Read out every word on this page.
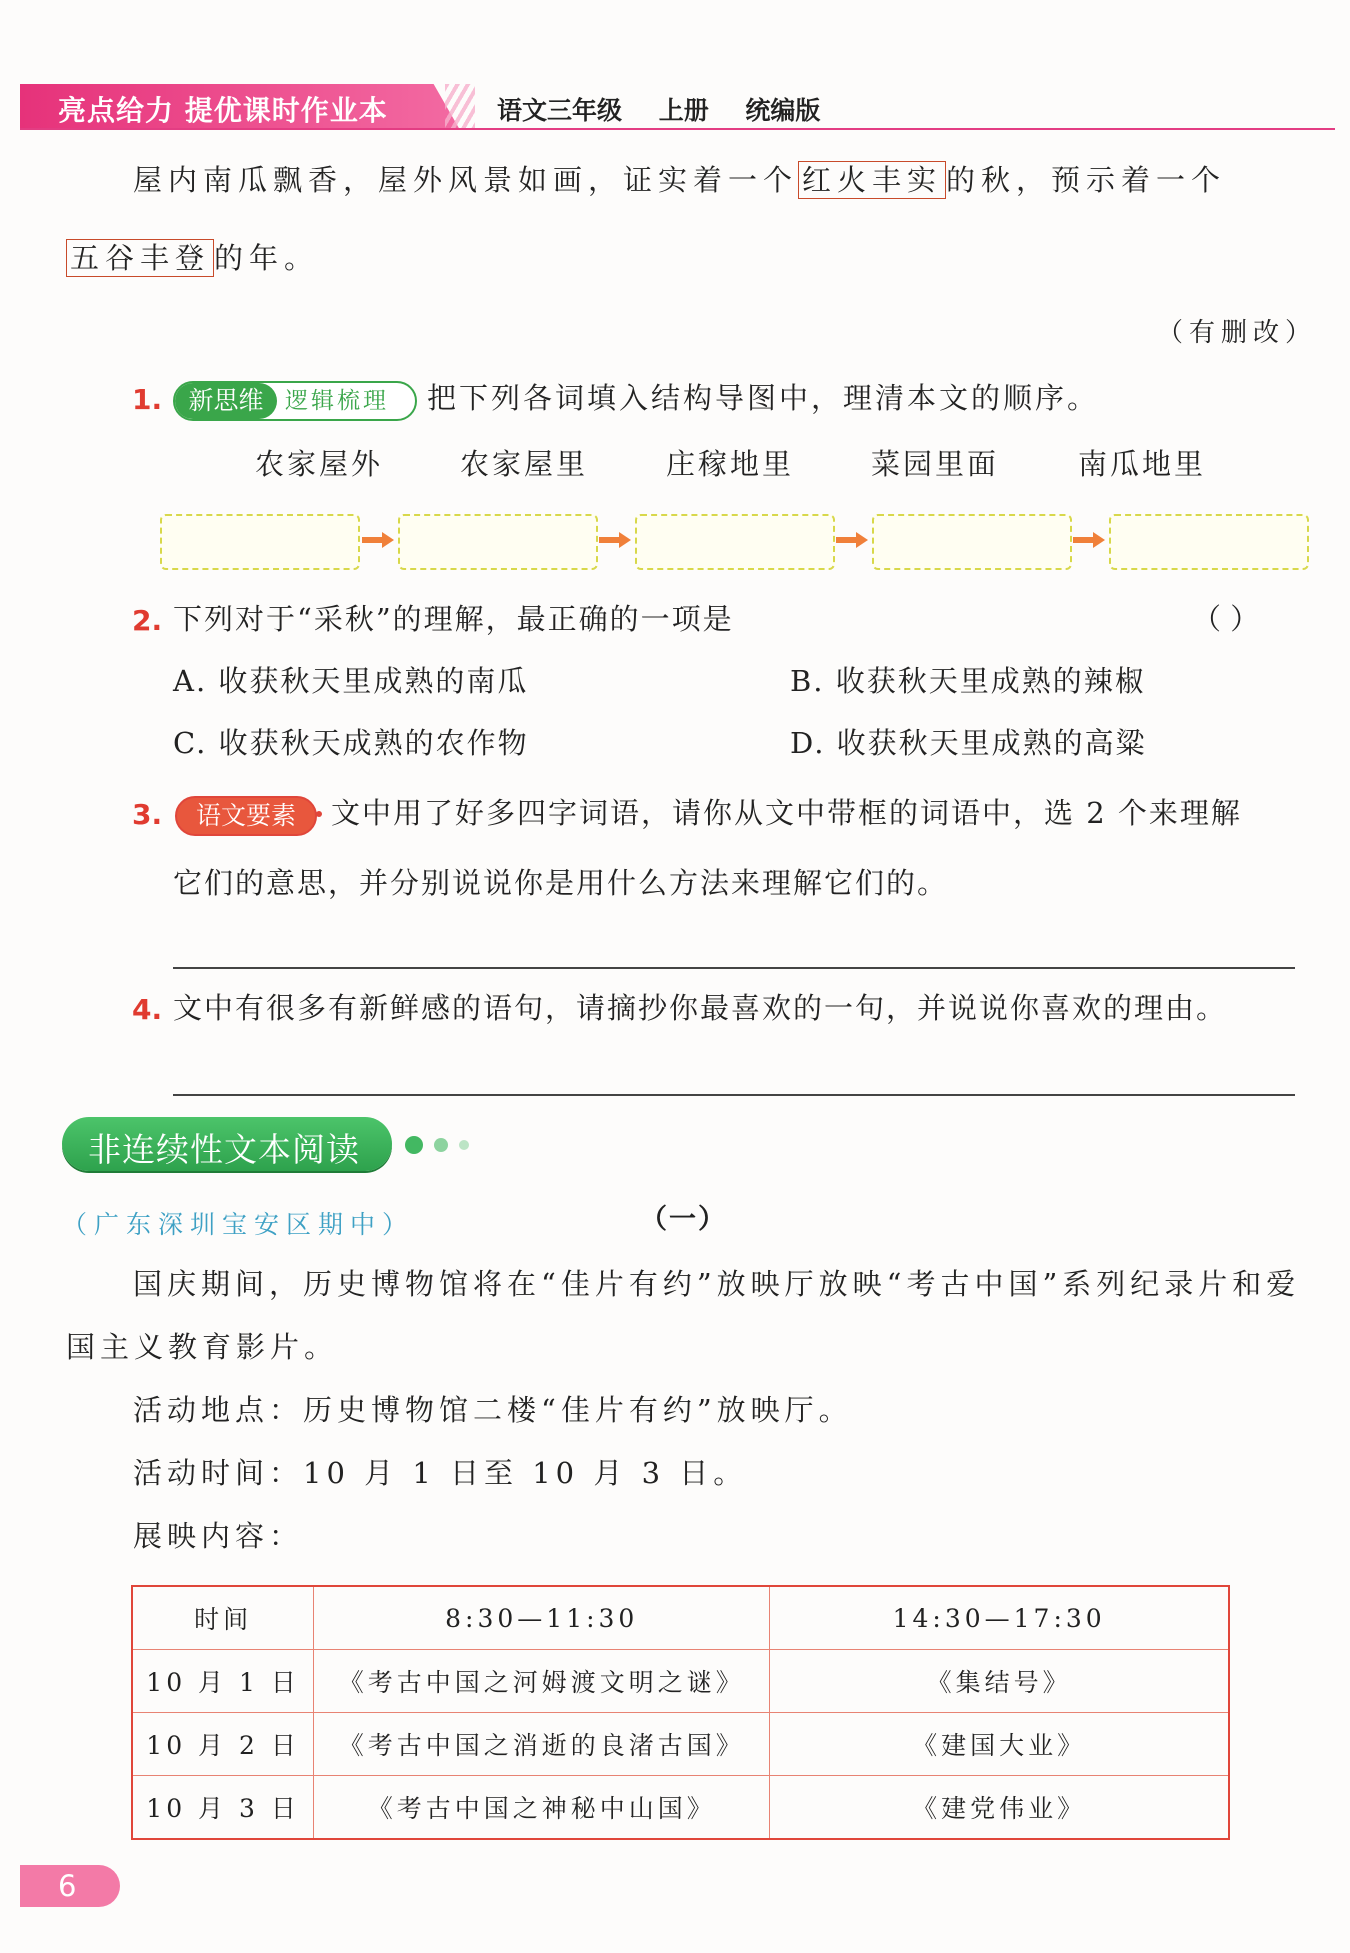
亮点给力 提优课时作业本	语文三年级 上册 统编版
屋内南瓜飘香，屋外风景如画，证实着一个 红火丰实 的秋，预示着一个
五谷丰登 的年。
（有删改）
1.	新思维 逻辑梳理 把下列各词填入结构导图中，理清本文的顺序。
农家屋外	农家屋里	庄稼地里	菜园里面	南瓜地里
2. 下列对于“采秋”的理解，最正确的一项是	（ ）
A. 收获秋天里成熟的南瓜	B. 收获秋天里成熟的辣椒
C. 收获秋天成熟的农作物	D. 收获秋天里成熟的高粱
3.	语文要素	文中用了好多四字词语，请你从文中带框的词语中，选 2 个来理解
它们的意思，并分别说说你是用什么方法来理解它们的。
4. 文中有很多有新鲜感的语句，请摘抄你最喜欢的一句，并说说你喜欢的理由。
非连续性文本阅读
（广东深圳宝安区期中）	（一）
国庆期间，历史博物馆将在“佳片有约”放映厅放映“考古中国”系列纪录片和爱
国主义教育影片。
活动地点：历史博物馆二楼“佳片有约”放映厅。
活动时间：10 月 1 日至 10 月 3 日。
展映内容：
时间	8:30—11:30	14:30—17:30
10 月 1 日	《考古中国之河姆渡文明之谜》	《集结号》
10 月 2 日	《考古中国之消逝的良渚古国》	《建国大业》
10 月 3 日	《考古中国之神秘中山国》	《建党伟业》
6
